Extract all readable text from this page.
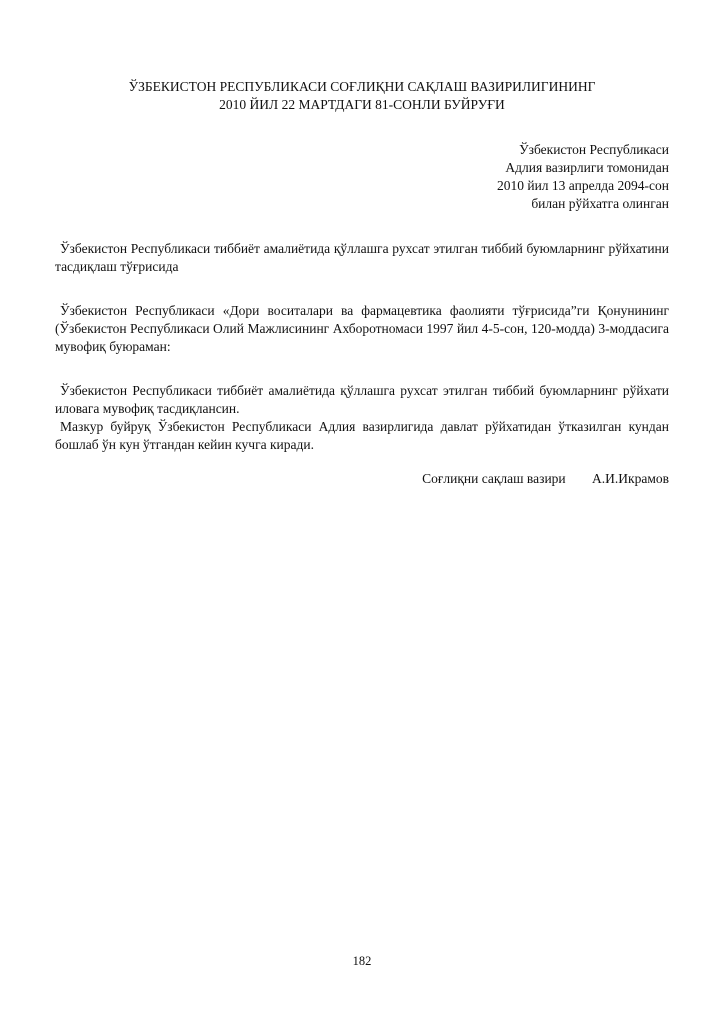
ЎЗБЕКИСТОН РЕСПУБЛИКАСИ СОҒЛИҚНИ САҚЛАШ ВАЗИРИЛИГИНИНГ
2010 ЙИЛ 22 МАРТДАГИ 81-СОНЛИ БУЙРУҒИ
Ўзбекистон Республикаси
Адлия вазирлиги томонидан
2010 йил 13 апрелда 2094-сон
билан рўйхатга олинган

Ўзбекистон Республикаси тиббиёт амалиётида қўллашга рухсат этилган тиббий буюмларнинг рўйхатини тасдиқлаш тўғрисида

Ўзбекистон Республикаси «Дори воситалари ва фармацевтика фаолияти тўғрисида”ги Қонунининг (Ўзбекистон Республикаси Олий Мажлисининг Ахборотномаси 1997 йил 4-5-сон, 120-модда) 3-моддасига мувофиқ буюраман:

Ўзбекистон Республикаси тиббиёт амалиётида қўллашга рухсат этилган тиббий буюмларнинг рўйхати иловага мувофиқ тасдиқлансин.

Мазкур буйруқ Ўзбекистон Республикаси Адлия вазирлигида давлат рўйхатидан ўтказилган кундан бошлаб ўн кун ўтгандан кейин кучга киради.

Соғлиқни сақлаш вазири А.И.Икрамов
182
